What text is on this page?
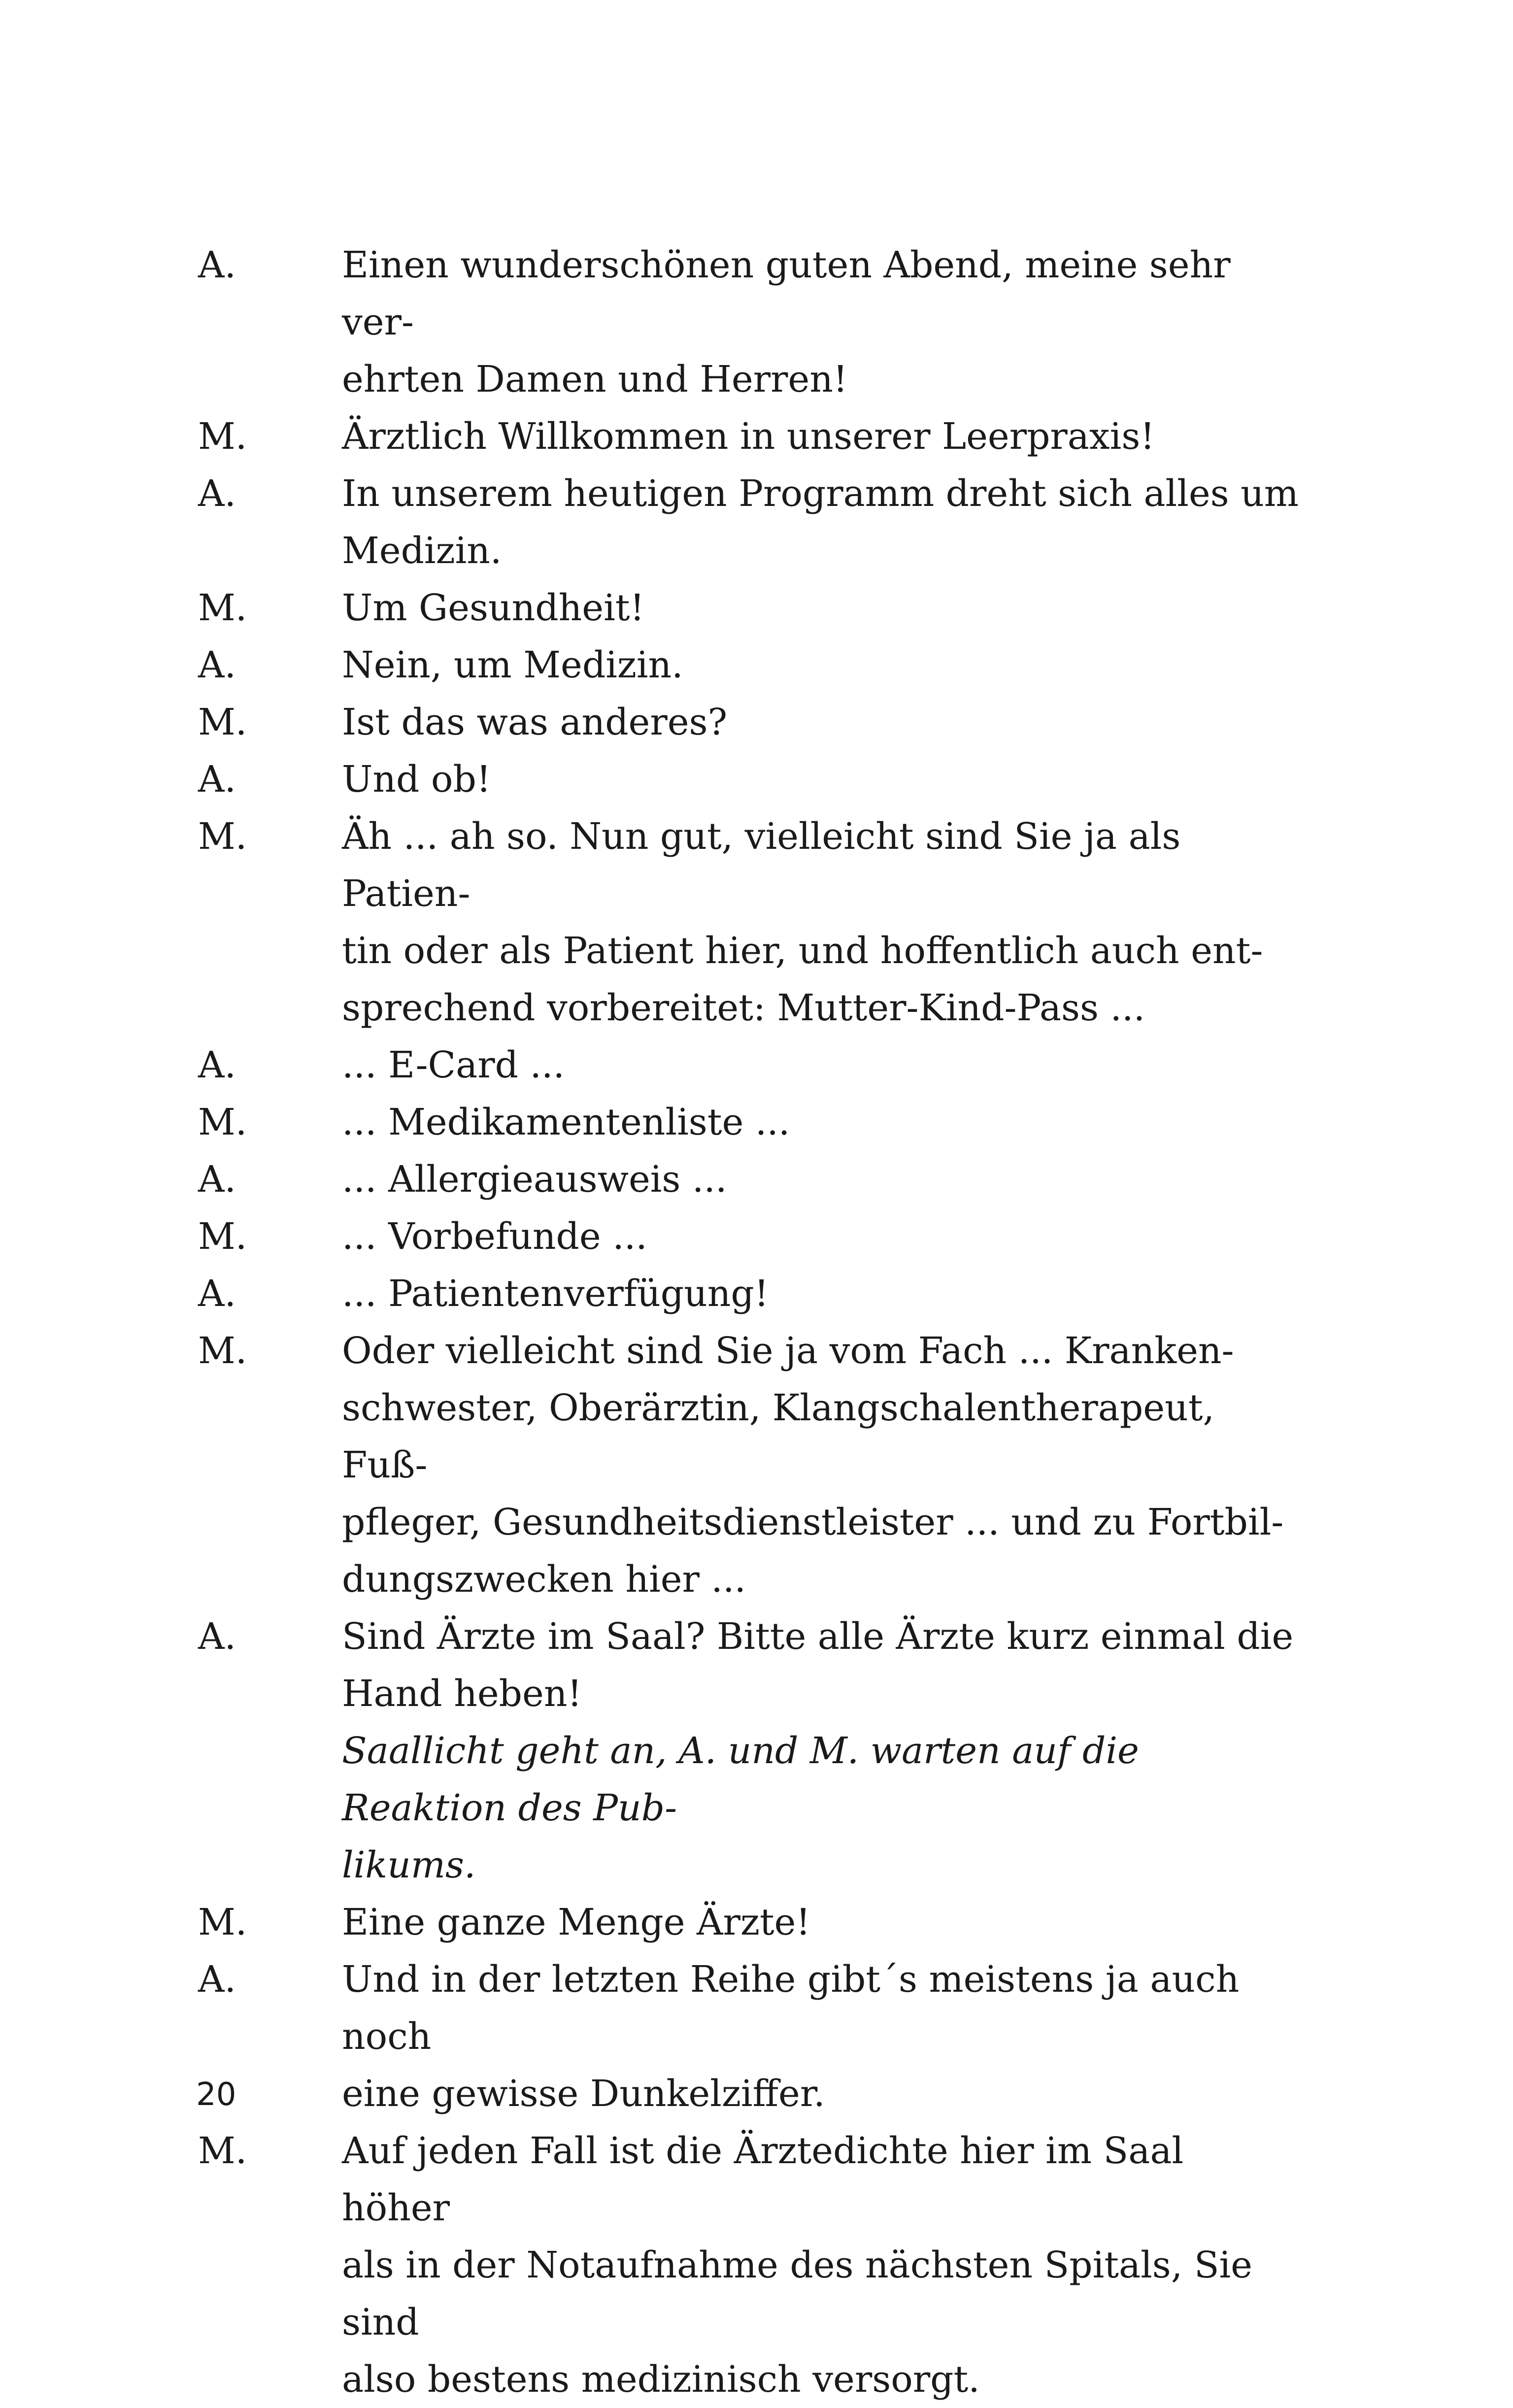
A.	Einen wunderschönen guten Abend, meine sehr ver-
ehrten Damen und Herren!
M.	Ärztlich Willkommen in unserer Leerpraxis!
A.	In unserem heutigen Programm dreht sich alles um
Medizin.
M.	Um Gesundheit!
A.	Nein, um Medizin.
M.	Ist das was anderes?
A.	Und ob!
M.	Äh ... ah so. Nun gut, vielleicht sind Sie ja als Patien-
tin oder als Patient hier, und hoffentlich auch ent-
sprechend vorbereitet: Mutter-Kind-Pass ...
A.	... E-Card ...
M.	... Medikamentenliste ...
A.	... Allergieausweis ...
M.	... Vorbefunde ...
A.	... Patientenverfügung!
M.	Oder vielleicht sind Sie ja vom Fach ... Kranken-
schwester, Oberärztin, Klangschalentherapeut, Fuß-
pfleger, Gesundheitsdienstleister ... und zu Fortbil-
dungszwecken hier ...
A.	Sind Ärzte im Saal? Bitte alle Ärzte kurz einmal die
Hand heben!
Saallicht geht an, A. und M. warten auf die Reaktion des Pub-
likums.
M.	Eine ganze Menge Ärzte!
A.	Und in der letzten Reihe gibt´s meistens ja auch noch
eine gewisse Dunkelziffer.
M.	Auf jeden Fall ist die Ärztedichte hier im Saal höher
als in der Notaufnahme des nächsten Spitals, Sie sind
also bestens medizinisch versorgt.
20
